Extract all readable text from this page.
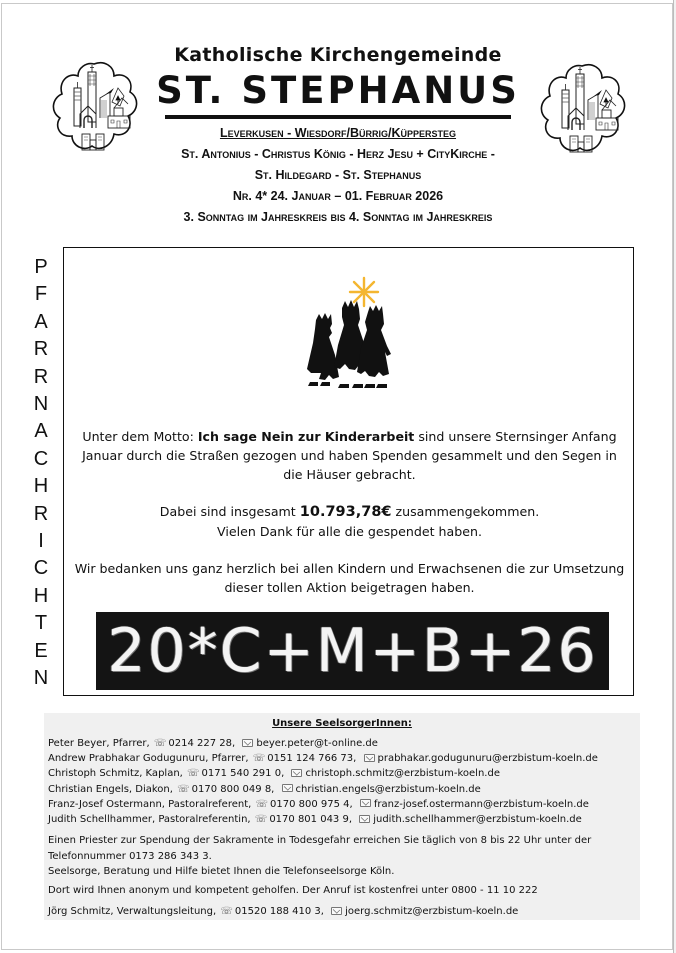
Katholische Kirchengemeinde
ST. STEPHANUS
Leverkusen - Wiesdorf/Bürrig/Küppersteg
St. Antonius - Christus König - Herz Jesu + CityKirche -
St. Hildegard - St. Stephanus
Nr. 4* 24. Januar – 01. Februar 2026
3. Sonntag im Jahreskreis bis 4. Sonntag im Jahreskreis
P
F
A
R
R
N
A
C
H
R
I
C
H
T
E
N

Unter dem Motto: Ich sage Nein zur Kinderarbeit sind unsere Sternsinger Anfang Januar durch die Straßen gezogen und haben Spenden gesammelt und den Segen in die Häuser gebracht.

Dabei sind insgesamt 10.793,78€ zusammengekommen.
Vielen Dank für alle die gespendet haben.

Wir bedanken uns ganz herzlich bei allen Kindern und Erwachsenen die zur Umsetzung dieser tollen Aktion beigetragen haben.

20*C+M+B+26
Unsere SeelsorgerInnen:
Peter Beyer, Pfarrer, ☏ 0214 227 28, beyer.peter@t-online.de
Andrew Prabhakar Godugunuru, Pfarrer, ☏ 0151 124 766 73, prabhakar.godugunuru@erzbistum-koeln.de
Christoph Schmitz, Kaplan, ☏ 0171 540 291 0, christoph.schmitz@erzbistum-koeln.de
Christian Engels, Diakon, ☏ 0170 800 049 8, christian.engels@erzbistum-koeln.de
Franz-Josef Ostermann, Pastoralreferent, ☏ 0170 800 975 4, franz-josef.ostermann@erzbistum-koeln.de
Judith Schellhammer, Pastoralreferentin, ☏ 0170 801 043 9, judith.schellhammer@erzbistum-koeln.de
Einen Priester zur Spendung der Sakramente in Todesgefahr erreichen Sie täglich von 8 bis 22 Uhr unter der
Telefonnummer 0173 286 343 3.
Seelsorge, Beratung und Hilfe bietet Ihnen die Telefonseelsorge Köln.
Dort wird Ihnen anonym und kompetent geholfen. Der Anruf ist kostenfrei unter 0800 - 11 10 222
Jörg Schmitz, Verwaltungsleitung, ☏ 01520 188 410 3, joerg.schmitz@erzbistum-koeln.de
